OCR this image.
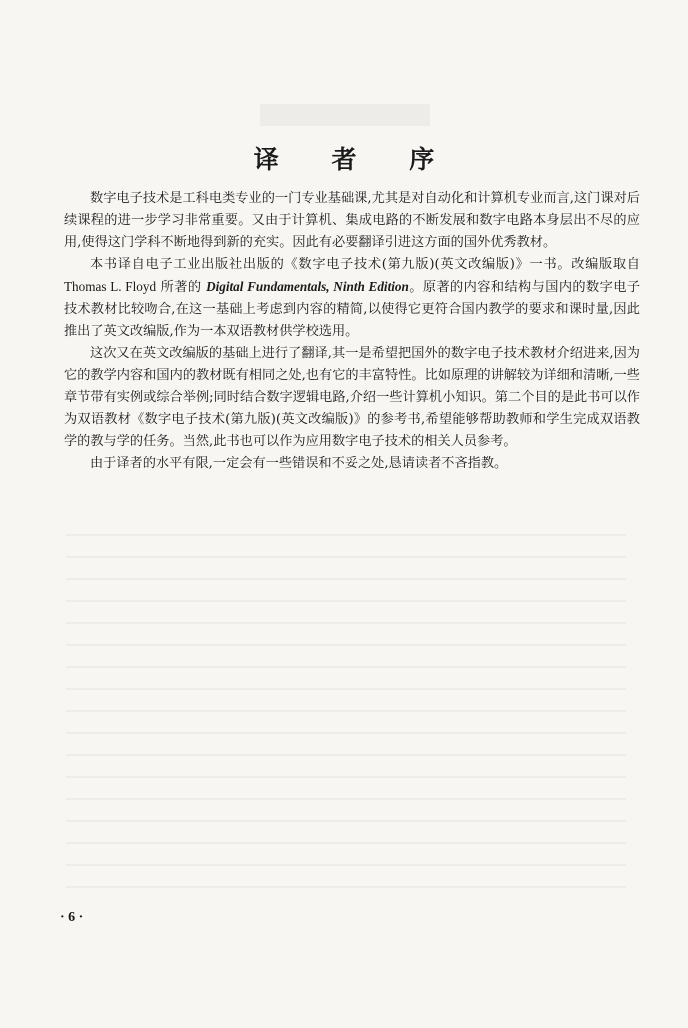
译 者 序

数字电子技术是工科电类专业的一门专业基础课,尤其是对自动化和计算机专业而言,这门课对后续课程的进一步学习非常重要。又由于计算机、集成电路的不断发展和数字电路本身层出不尽的应用,使得这门学科不断地得到新的充实。因此有必要翻译引进这方面的国外优秀教材。

本书译自电子工业出版社出版的《数字电子技术(第九版)(英文改编版)》一书。改编版取自 Thomas L. Floyd 所著的 Digital Fundamentals, Ninth Edition。原著的内容和结构与国内的数字电子技术教材比较吻合,在这一基础上考虑到内容的精简,以使得它更符合国内教学的要求和课时量,因此推出了英文改编版,作为一本双语教材供学校选用。

这次又在英文改编版的基础上进行了翻译,其一是希望把国外的数字电子技术教材介绍进来,因为它的教学内容和国内的教材既有相同之处,也有它的丰富特性。比如原理的讲解较为详细和清晰,一些章节带有实例或综合举例;同时结合数字逻辑电路,介绍一些计算机小知识。第二个目的是此书可以作为双语教材《数字电子技术(第九版)(英文改编版)》的参考书,希望能够帮助教师和学生完成双语教学的教与学的任务。当然,此书也可以作为应用数字电子技术的相关人员参考。

由于译者的水平有限,一定会有一些错误和不妥之处,恳请读者不吝指教。

· 6 ·
